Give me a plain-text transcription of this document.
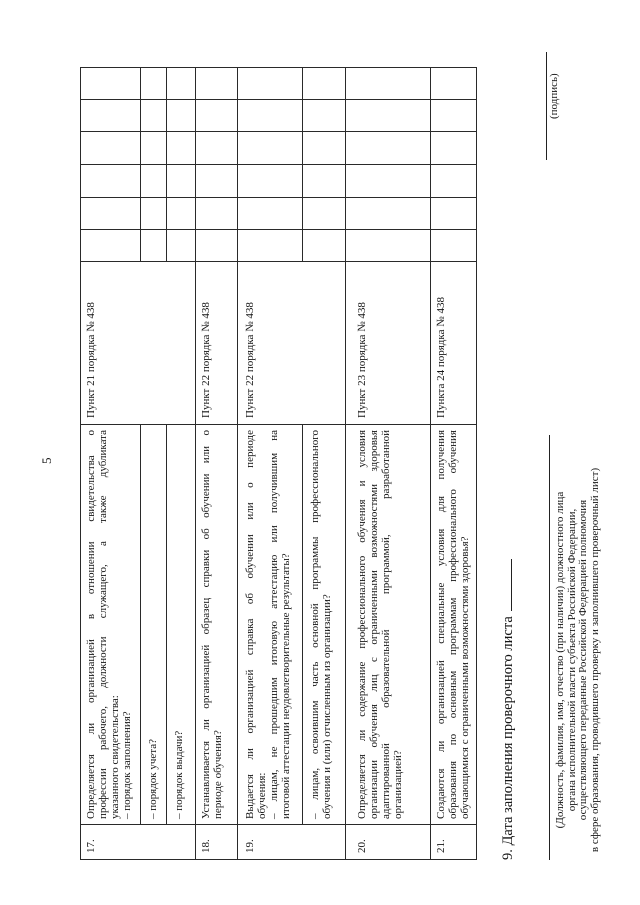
5
17.	Определяется ли организацией в отношении свидетельства о профессии рабочего, должности служащего, а также дубликата указанного свидетельства: – порядок заполнения?	Пункт 21 порядка № 438						

	– порядок учета?							

	– порядок выдачи?							

18.	Устанавливается ли организацией образец справки об обучении или о периоде обучения?	Пункт 22 порядка № 438						
19.	Выдается ли организацией справка об обучении или о периоде обучения: – лицам, не прошедшим итоговую аттестацию или получившим на итоговой аттестации неудовлетворительные результаты?	Пункт 22 порядка № 438						

	– лицам, освоившим часть основной программы профессионального обучения и (или) отчисленным из организации?							

20.	Определяется ли содержание профессионального обучения и условия организации обучения лиц с ограниченными возможностями здоровья адаптированной образовательной программой, разработанной организацией?	Пункт 23 порядка № 438						
21.	Создаются ли организацией специальные условия для получения образования по основным программам профессионального обучения обучающимися с ограниченными возможностями здоровья?	Пункта 24 порядка № 438						
9. Дата заполнения проверочного листа
(подпись)
(Должность, фамилия, имя, отчество (при наличии) должностного лица органа исполнительной власти субъекта Российской Федерации, осуществляющего переданные Российской Федерацией полномочия в сфере образования, проводившего проверку и заполнившего проверочный лист)
